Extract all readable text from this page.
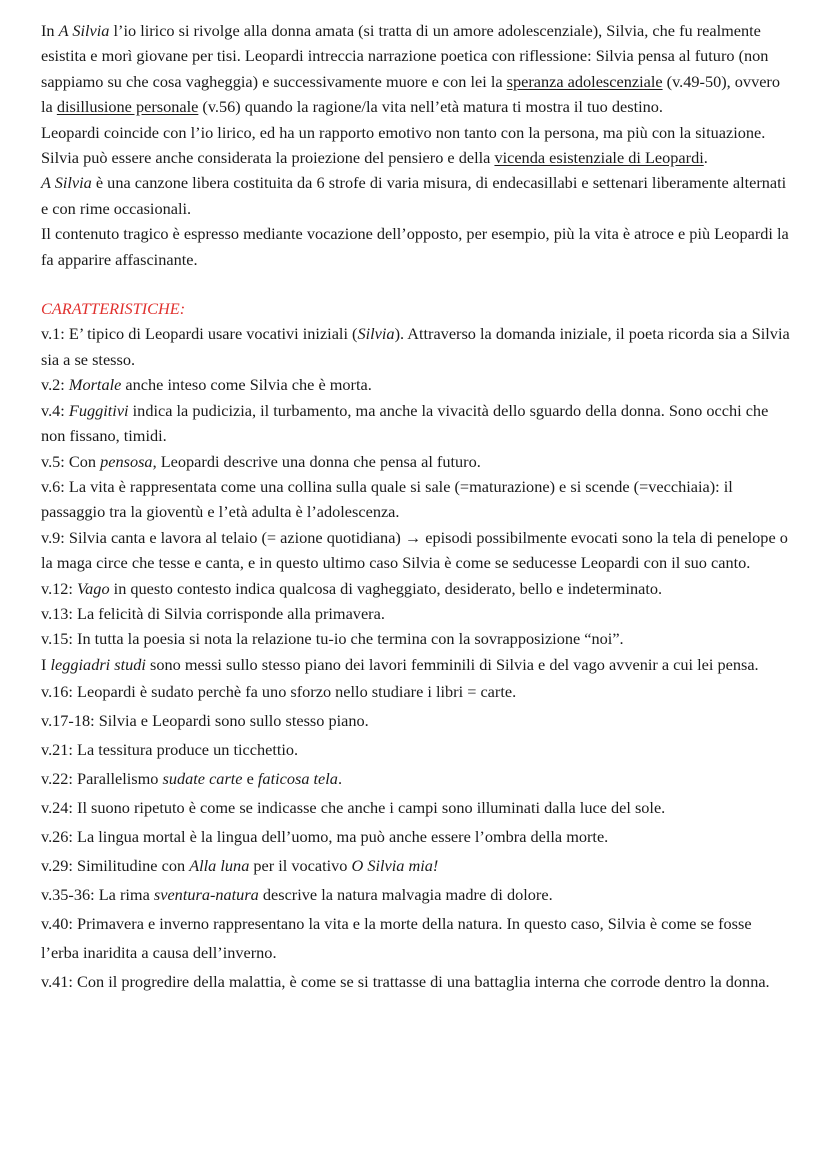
In A Silvia l’io lirico si rivolge alla donna amata (si tratta di un amore adolescenziale), Silvia, che fu realmente esistita e morì giovane per tisi. Leopardi intreccia narrazione poetica con riflessione: Silvia pensa al futuro (non sappiamo su che cosa vagheggia) e successivamente muore e con lei la speranza adolescenziale (v.49-50), ovvero la disillusione personale (v.56) quando la ragione/la vita nell’età matura ti mostra il tuo destino.

Leopardi coincide con l’io lirico, ed ha un rapporto emotivo non tanto con la persona, ma più con la situazione.

Silvia può essere anche considerata la proiezione del pensiero e della vicenda esistenziale di Leopardi.

A Silvia è una canzone libera costituita da 6 strofe di varia misura, di endecasillabi e settenari liberamente alternati e con rime occasionali.

Il contenuto tragico è espresso mediante vocazione dell’opposto, per esempio, più la vita è atroce e più Leopardi la fa apparire affascinante.

CARATTERISTICHE:

v.1: E’ tipico di Leopardi usare vocativi iniziali (Silvia). Attraverso la domanda iniziale, il poeta ricorda sia a Silvia sia a se stesso.

v.2: Mortale anche inteso come Silvia che è morta.

v.4: Fuggitivi indica la pudicizia, il turbamento, ma anche la vivacità dello sguardo della donna. Sono occhi che non fissano, timidi.

v.5: Con pensosa, Leopardi descrive una donna che pensa al futuro.

v.6: La vita è rappresentata come una collina sulla quale si sale (=maturazione) e si scende (=vecchiaia): il passaggio tra la gioventù e l’età adulta è l’adolescenza.

v.9: Silvia canta e lavora al telaio (= azione quotidiana) → episodi possibilmente evocati sono la tela di penelope o la maga circe che tesse e canta, e in questo ultimo caso Silvia è come se seducesse Leopardi con il suo canto.

v.12: Vago in questo contesto indica qualcosa di vagheggiato, desiderato, bello e indeterminato.

v.13: La felicità di Silvia corrisponde alla primavera.

v.15: In tutta la poesia si nota la relazione tu-io che termina con la sovrapposizione “noi”.

I leggiadri studi sono messi sullo stesso piano dei lavori femminili di Silvia e del vago avvenir a cui lei pensa.

v.16: Leopardi è sudato perchè fa uno sforzo nello studiare i libri = carte.

v.17-18: Silvia e Leopardi sono sullo stesso piano.

v.21: La tessitura produce un ticchettio.

v.22: Parallelismo sudate carte e faticosa tela.

v.24: Il suono ripetuto è come se indicasse che anche i campi sono illuminati dalla luce del sole.

v.26: La lingua mortal è la lingua dell’uomo, ma può anche essere l’ombra della morte.

v.29: Similitudine con Alla luna per il vocativo O Silvia mia!

v.35-36: La rima sventura-natura descrive la natura malvagia madre di dolore.

v.40: Primavera e inverno rappresentano la vita e la morte della natura. In questo caso, Silvia è come se fosse l’erba inaridita a causa dell’inverno.

v.41: Con il progredire della malattia, è come se si trattasse di una battaglia interna che corrode dentro la donna.
